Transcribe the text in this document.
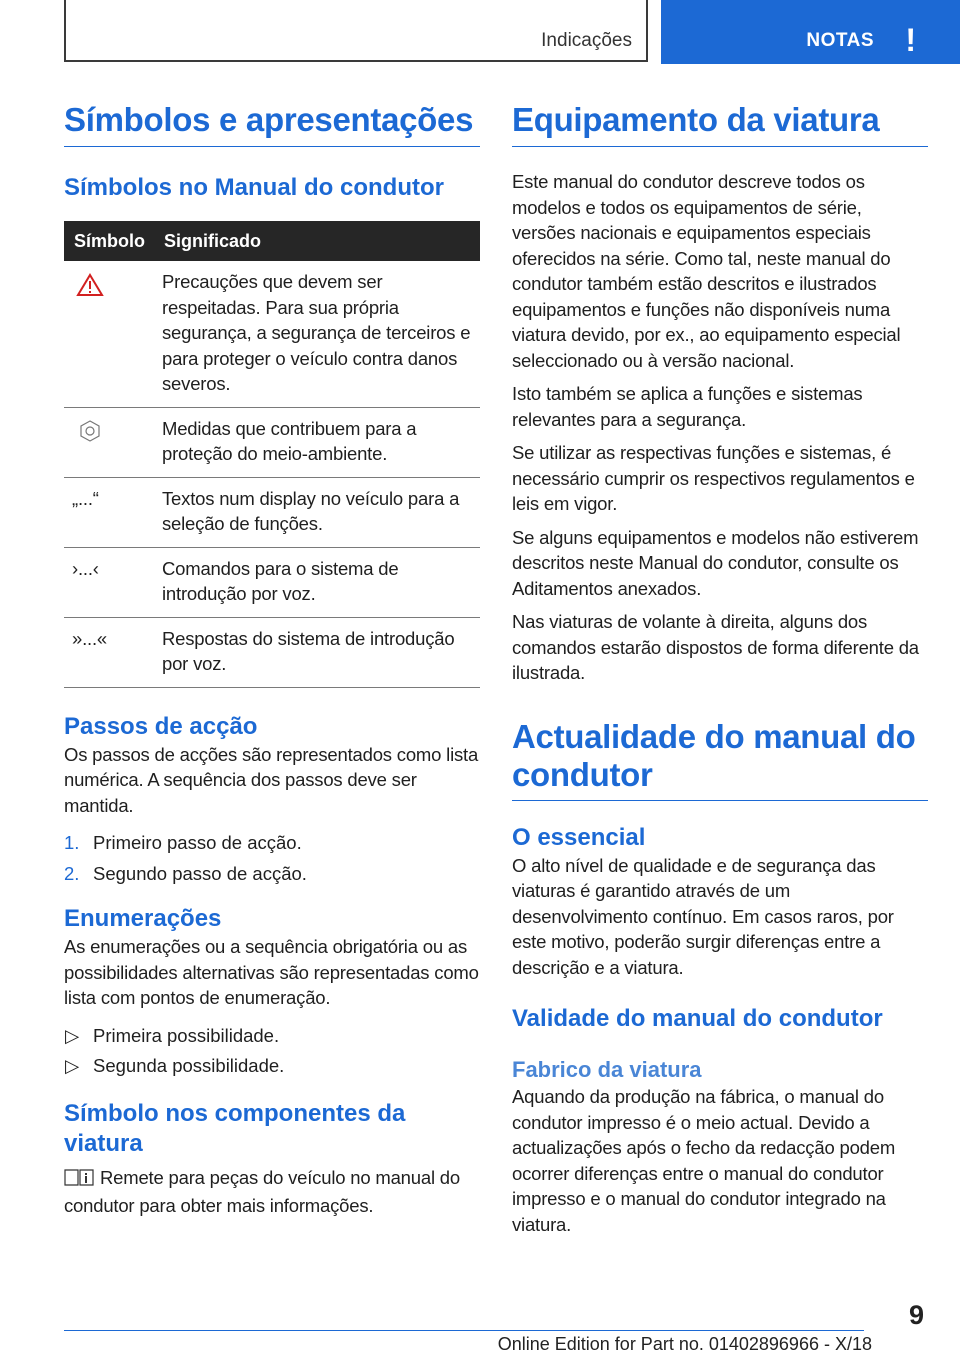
Indicações	NOTAS !
Símbolos e apresentações
Símbolos no Manual do condutor
Símbolo	Significado
	Precauções que devem ser respeitadas. Para sua própria segurança, a segurança de terceiros e para proteger o veículo contra danos severos.
	Medidas que contribuem para a proteção do meio-ambiente.
„...“	Textos num display no veículo para a seleção de funções.
›...‹	Comandos para o sistema de introdução por voz.
»...«	Respostas do sistema de introdução por voz.
Passos de acção

Os passos de acções são representados como lista numérica. A sequência dos passos deve ser mantida.

1. Primeiro passo de acção.
2. Segundo passo de acção.
Enumerações

As enumerações ou a sequência obrigatória ou as possibilidades alternativas são representadas como lista com pontos de enumeração.

▷ Primeira possibilidade.
▷ Segunda possibilidade.
Símbolo nos componentes da viatura

Remete para peças do veículo no manual do condutor para obter mais informações.

Equipamento da viatura

Este manual do condutor descreve todos os modelos e todos os equipamentos de série, versões nacionais e equipamentos especiais oferecidos na série. Como tal, neste manual do condutor também estão descritos e ilustrados equipamentos e funções não disponíveis numa viatura devido, por ex., ao equipamento especial seleccionado ou à versão nacional.

Isto também se aplica a funções e sistemas relevantes para a segurança.

Se utilizar as respectivas funções e sistemas, é necessário cumprir os respectivos regulamentos e leis em vigor.

Se alguns equipamentos e modelos não estiverem descritos neste Manual do condutor, consulte os Aditamentos anexados.

Nas viaturas de volante à direita, alguns dos comandos estarão dispostos de forma diferente da ilustrada.

Actualidade do manual do condutor
O essencial

O alto nível de qualidade e de segurança das viaturas é garantido através de um desenvolvimento contínuo. Em casos raros, por este motivo, poderão surgir diferenças entre a descrição e a viatura.

Validade do manual do condutor
Fabrico da viatura

Aquando da produção na fábrica, o manual do condutor impresso é o meio actual. Devido a actualizações após o fecho da redacção podem ocorrer diferenças entre o manual do condutor impresso e o manual do condutor integrado na viatura.

9
Online Edition for Part no. 01402896966 - X/18
